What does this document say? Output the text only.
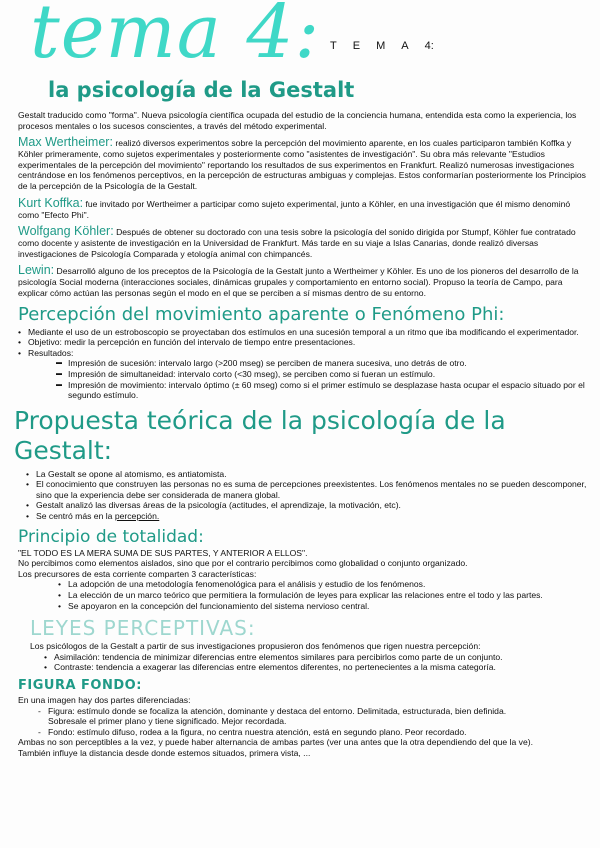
tema 4: T E M A 4:
la psicología de la Gestalt
Gestalt traducido como "forma". Nueva psicología científica ocupada del estudio de la conciencia humana, entendida esta como la experiencia, los procesos mentales o los sucesos conscientes, a través del método experimental.
Max Wertheimer: realizó diversos experimentos sobre la percepción del movimiento aparente, en los cuales participaron también Koffka y Köhler primeramente, como sujetos experimentales y posteriormente como "asistentes de investigación". Su obra más relevante "Estudios experimentales de la percepción del movimiento" reportando los resultados de sus experimentos en Frankfurt. Realizó numerosas investigaciones centrándose en los fenómenos perceptivos, en la percepción de estructuras ambiguas y complejas. Estos conformarían posteriormente los Principios de la percepción de la Psicología de la Gestalt.
Kurt Koffka: fue invitado por Wertheimer a participar como sujeto experimental, junto a Köhler, en una investigación que él mismo denominó como "Efecto Phi".
Wolfgang Köhler: Después de obtener su doctorado con una tesis sobre la psicología del sonido dirigida por Stumpf, Köhler fue contratado como docente y asistente de investigación en la Universidad de Frankfurt. Más tarde en su viaje a Islas Canarias, donde realizó diversas investigaciones de Psicología Comparada y etología animal con chimpancés.
Lewin: Desarrolló alguno de los preceptos de la Psicología de la Gestalt junto a Wertheimer y Köhler. Es uno de los pioneros del desarrollo de la psicología Social moderna (interacciones sociales, dinámicas grupales y comportamiento en entorno social). Propuso la teoría de Campo, para explicar cómo actúan las personas según el modo en el que se perciben a sí mismas dentro de su entorno.
Percepción del movimiento aparente o Fenómeno Phi:
• Mediante el uso de un estroboscopio se proyectaban dos estímulos en una sucesión temporal a un ritmo que iba modificando el experimentador.
• Objetivo: medir la percepción en función del intervalo de tiempo entre presentaciones.
• Resultados:
▬ Impresión de sucesión: intervalo largo (>200 mseg) se perciben de manera sucesiva, uno detrás de otro.
▬ Impresión de simultaneidad: intervalo corto (<30 mseg), se perciben como si fueran un estímulo.
▬ Impresión de movimiento: intervalo óptimo (± 60 mseg) como si el primer estímulo se desplazase hasta ocupar el espacio situado por el segundo estímulo.
Propuesta teórica de la psicología de la Gestalt:
• La Gestalt se opone al atomismo, es antiatomista.
• El conocimiento que construyen las personas no es suma de percepciones preexistentes. Los fenómenos mentales no se pueden descomponer, sino que la experiencia debe ser considerada de manera global.
• Gestalt analizó las diversas áreas de la psicología (actitudes, el aprendizaje, la motivación, etc).
• Se centró más en la percepción.
Principio de totalidad:
"EL TODO ES LA MERA SUMA DE SUS PARTES, Y ANTERIOR A ELLOS".
No percibimos como elementos aislados, sino que por el contrario percibimos como globalidad o conjunto organizado.
Los precursores de esta corriente comparten 3 características:
• La adopción de una metodología fenomenológica para el análisis y estudio de los fenómenos.
• La elección de un marco teórico que permitiera la formulación de leyes para explicar las relaciones entre el todo y las partes.
• Se apoyaron en la concepción del funcionamiento del sistema nervioso central.
LEYES PERCEPTIVAS:
Los psicólogos de la Gestalt a partir de sus investigaciones propusieron dos fenómenos que rigen nuestra percepción:
• Asimilación: tendencia de minimizar diferencias entre elementos similares para percibirlos como parte de un conjunto.
• Contraste: tendencia a exagerar las diferencias entre elementos diferentes, no pertenecientes a la misma categoría.
FIGURA FONDO:
En una imagen hay dos partes diferenciadas:
- Figura: estímulo donde se focaliza la atención, dominante y destaca del entorno. Delimitada, estructurada, bien definida. Sobresale el primer plano y tiene significado. Mejor recordada.
- Fondo: estímulo difuso, rodea a la figura, no centra nuestra atención, está en segundo plano. Peor recordado.
Ambas no son perceptibles a la vez, y puede haber alternancia de ambas partes (ver una antes que la otra dependiendo del que la ve).
También influye la distancia desde donde estemos situados, primera vista, ...
